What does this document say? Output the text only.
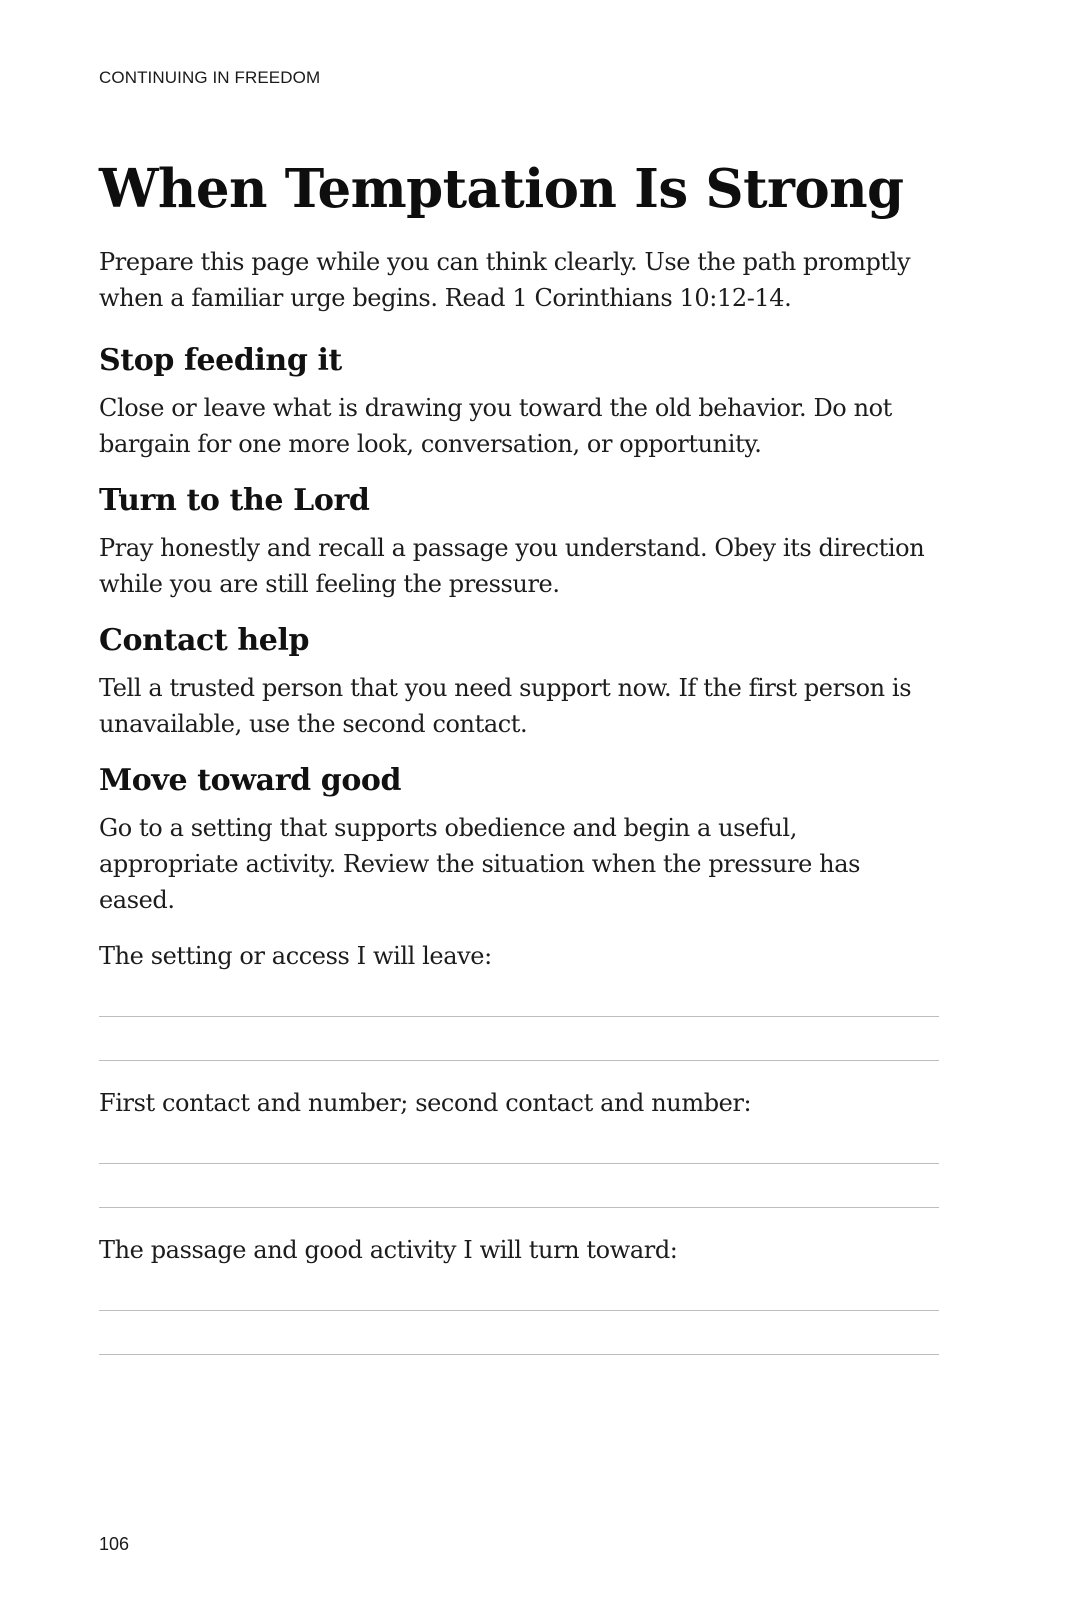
CONTINUING IN FREEDOM
When Temptation Is Strong

Prepare this page while you can think clearly. Use the path promptly when a familiar urge begins. Read 1 Corinthians 10:12-14.

Stop feeding it

Close or leave what is drawing you toward the old behavior. Do not bargain for one more look, conversation, or opportunity.

Turn to the Lord

Pray honestly and recall a passage you understand. Obey its direction while you are still feeling the pressure.

Contact help

Tell a trusted person that you need support now. If the first person is unavailable, use the second contact.

Move toward good

Go to a setting that supports obedience and begin a useful, appropriate activity. Review the situation when the pressure has eased.

The setting or access I will leave:

First contact and number; second contact and number:

The passage and good activity I will turn toward:

106
